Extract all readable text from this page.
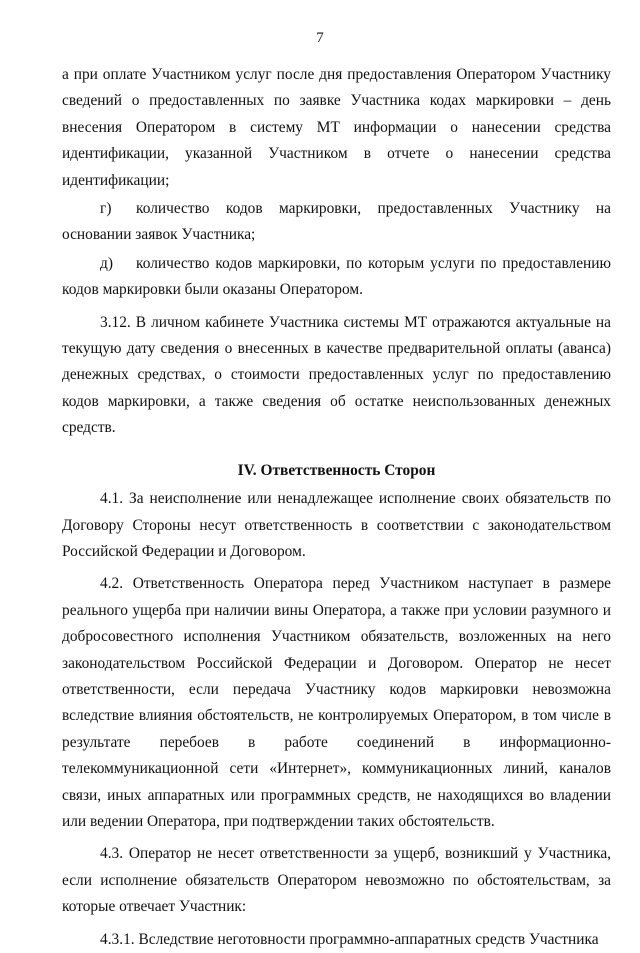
7

а при оплате Участником услуг после дня предоставления Оператором Участнику сведений о предоставленных по заявке Участника кодах маркировки – день внесения Оператором в систему МТ информации о нанесении средства идентификации, указанной Участником в отчете о нанесении средства идентификации;

г) количество кодов маркировки, предоставленных Участнику на основании заявок Участника;

д) количество кодов маркировки, по которым услуги по предоставлению кодов маркировки были оказаны Оператором.

3.12. В личном кабинете Участника системы МТ отражаются актуальные на текущую дату сведения о внесенных в качестве предварительной оплаты (аванса) денежных средствах, о стоимости предоставленных услуг по предоставлению кодов маркировки, а также сведения об остатке неиспользованных денежных средств.

IV. Ответственность Сторон

4.1. За неисполнение или ненадлежащее исполнение своих обязательств по Договору Стороны несут ответственность в соответствии с законодательством Российской Федерации и Договором.

4.2. Ответственность Оператора перед Участником наступает в размере реального ущерба при наличии вины Оператора, а также при условии разумного и добросовестного исполнения Участником обязательств, возложенных на него законодательством Российской Федерации и Договором. Оператор не несет ответственности, если передача Участнику кодов маркировки невозможна вследствие влияния обстоятельств, не контролируемых Оператором, в том числе в результате перебоев в работе соединений в информационно-телекоммуникационной сети «Интернет», коммуникационных линий, каналов связи, иных аппаратных или программных средств, не находящихся во владении или ведении Оператора, при подтверждении таких обстоятельств.

4.3. Оператор не несет ответственности за ущерб, возникший у Участника, если исполнение обязательств Оператором невозможно по обстоятельствам, за которые отвечает Участник:

4.3.1. Вследствие неготовности программно-аппаратных средств Участника
